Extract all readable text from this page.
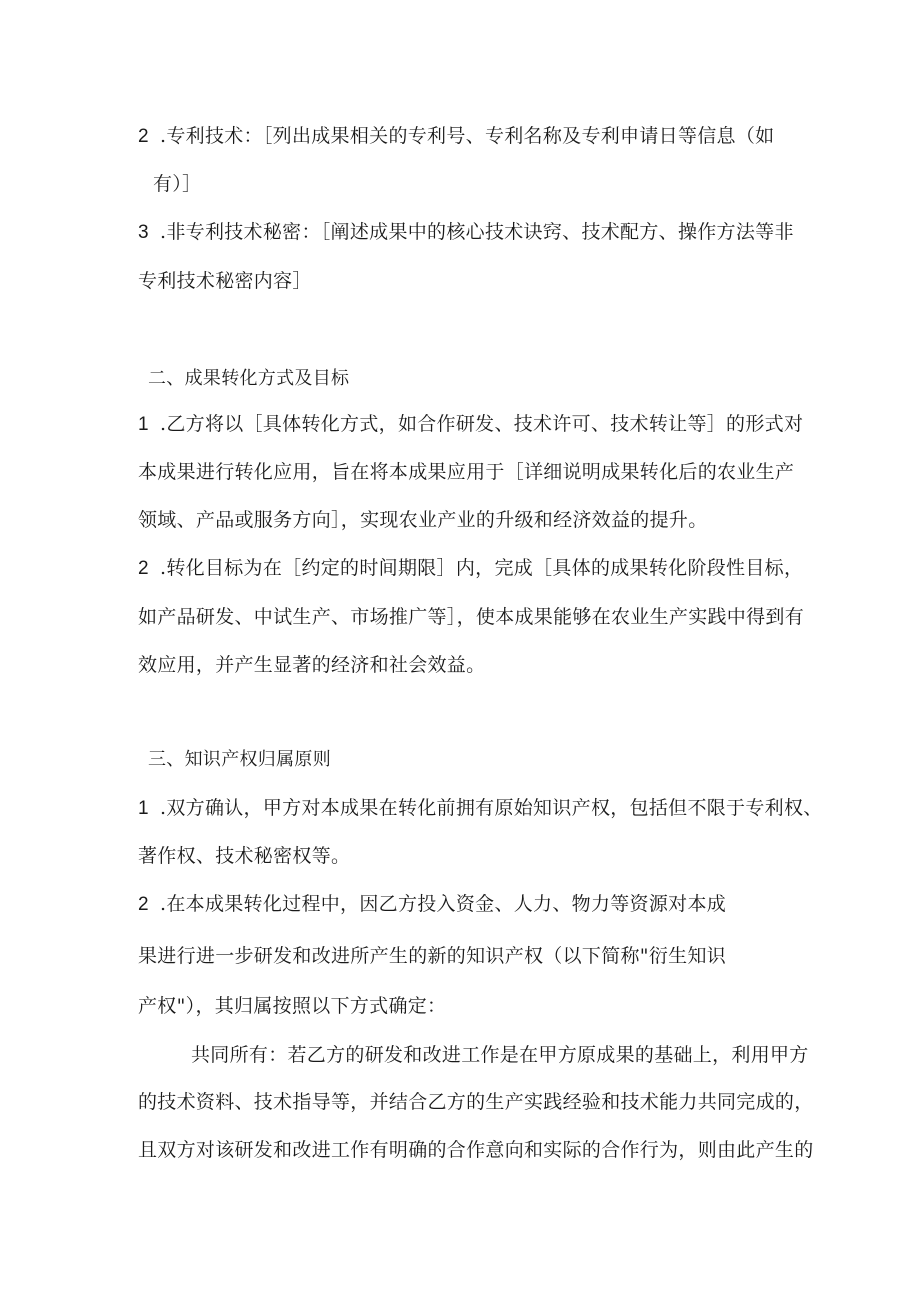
2 .专利技术：［列出成果相关的专利号、专利名称及专利申请日等信息（如
有）］
3 .非专利技术秘密：［阐述成果中的核心技术诀窍、技术配方、操作方法等非
专利技术秘密内容］
二、成果转化方式及目标
1 .乙方将以［具体转化方式，如合作研发、技术许可、技术转让等］的形式对
本成果进行转化应用，旨在将本成果应用于［详细说明成果转化后的农业生产
领域、产品或服务方向］，实现农业产业的升级和经济效益的提升。
2 .转化目标为在［约定的时间期限］内，完成［具体的成果转化阶段性目标，
如产品研发、中试生产、市场推广等］，使本成果能够在农业生产实践中得到有
效应用，并产生显著的经济和社会效益。
三、知识产权归属原则
1 .双方确认，甲方对本成果在转化前拥有原始知识产权，包括但不限于专利权、
著作权、技术秘密权等。
2 .在本成果转化过程中，因乙方投入资金、人力、物力等资源对本成
果进行进一步研发和改进所产生的新的知识产权（以下简称"衍生知识
产权"），其归属按照以下方式确定：
共同所有：若乙方的研发和改进工作是在甲方原成果的基础上，利用甲方
的技术资料、技术指导等，并结合乙方的生产实践经验和技术能力共同完成的，
且双方对该研发和改进工作有明确的合作意向和实际的合作行为，则由此产生的
